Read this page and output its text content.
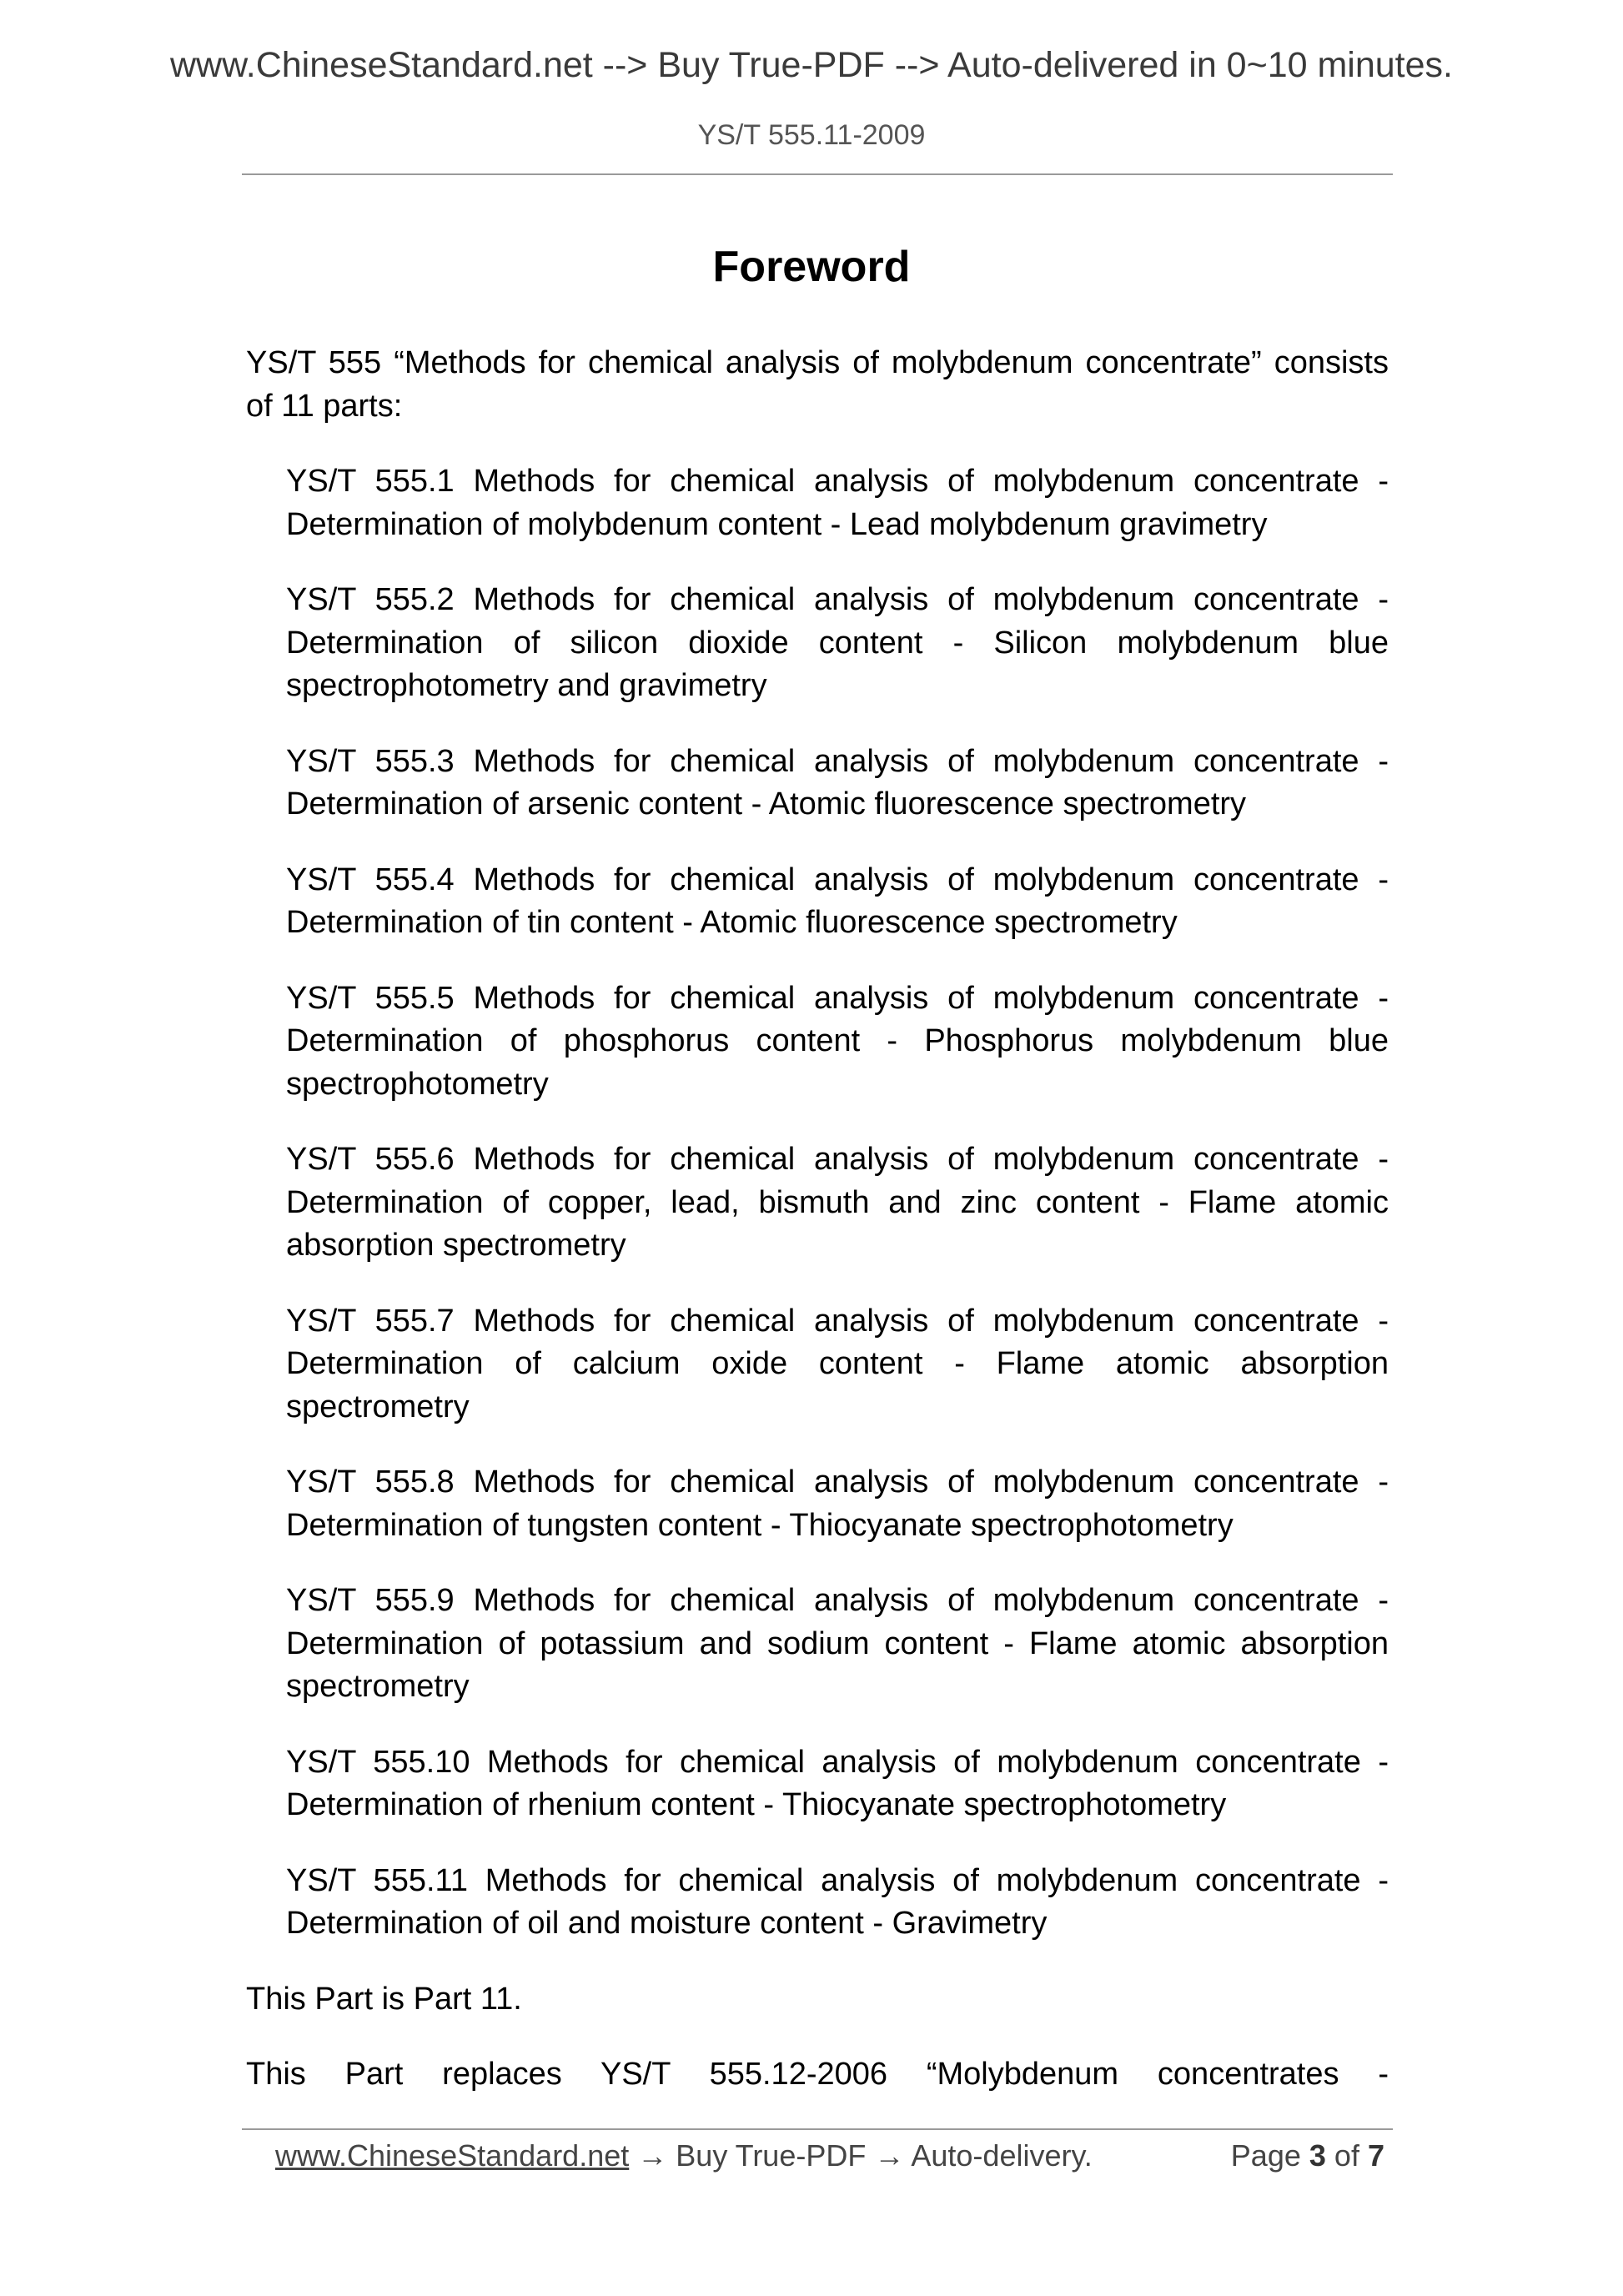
www.ChineseStandard.net --> Buy True-PDF --> Auto-delivered in 0~10 minutes.
YS/T 555.11-2009
Foreword

YS/T 555 “Methods for chemical analysis of molybdenum concentrate” consists of 11 parts:

YS/T 555.1 Methods for chemical analysis of molybdenum concentrate - Determination of molybdenum content - Lead molybdenum gravimetry
YS/T 555.2 Methods for chemical analysis of molybdenum concentrate - Determination of silicon dioxide content - Silicon molybdenum blue spectrophotometry and gravimetry
YS/T 555.3 Methods for chemical analysis of molybdenum concentrate - Determination of arsenic content - Atomic fluorescence spectrometry
YS/T 555.4 Methods for chemical analysis of molybdenum concentrate - Determination of tin content - Atomic fluorescence spectrometry
YS/T 555.5 Methods for chemical analysis of molybdenum concentrate - Determination of phosphorus content - Phosphorus molybdenum blue spectrophotometry
YS/T 555.6 Methods for chemical analysis of molybdenum concentrate - Determination of copper, lead, bismuth and zinc content - Flame atomic absorption spectrometry
YS/T 555.7 Methods for chemical analysis of molybdenum concentrate - Determination of calcium oxide content - Flame atomic absorption spectrometry
YS/T 555.8 Methods for chemical analysis of molybdenum concentrate - Determination of tungsten content - Thiocyanate spectrophotometry
YS/T 555.9 Methods for chemical analysis of molybdenum concentrate - Determination of potassium and sodium content - Flame atomic absorption spectrometry
YS/T 555.10 Methods for chemical analysis of molybdenum concentrate - Determination of rhenium content - Thiocyanate spectrophotometry
YS/T 555.11 Methods for chemical analysis of molybdenum concentrate - Determination of oil and moisture content - Gravimetry

This Part is Part 11.

This Part replaces YS/T 555.12-2006 “Molybdenum concentrates -

www.ChineseStandard.net → Buy True-PDF → Auto-delivery.	Page 3 of 7
